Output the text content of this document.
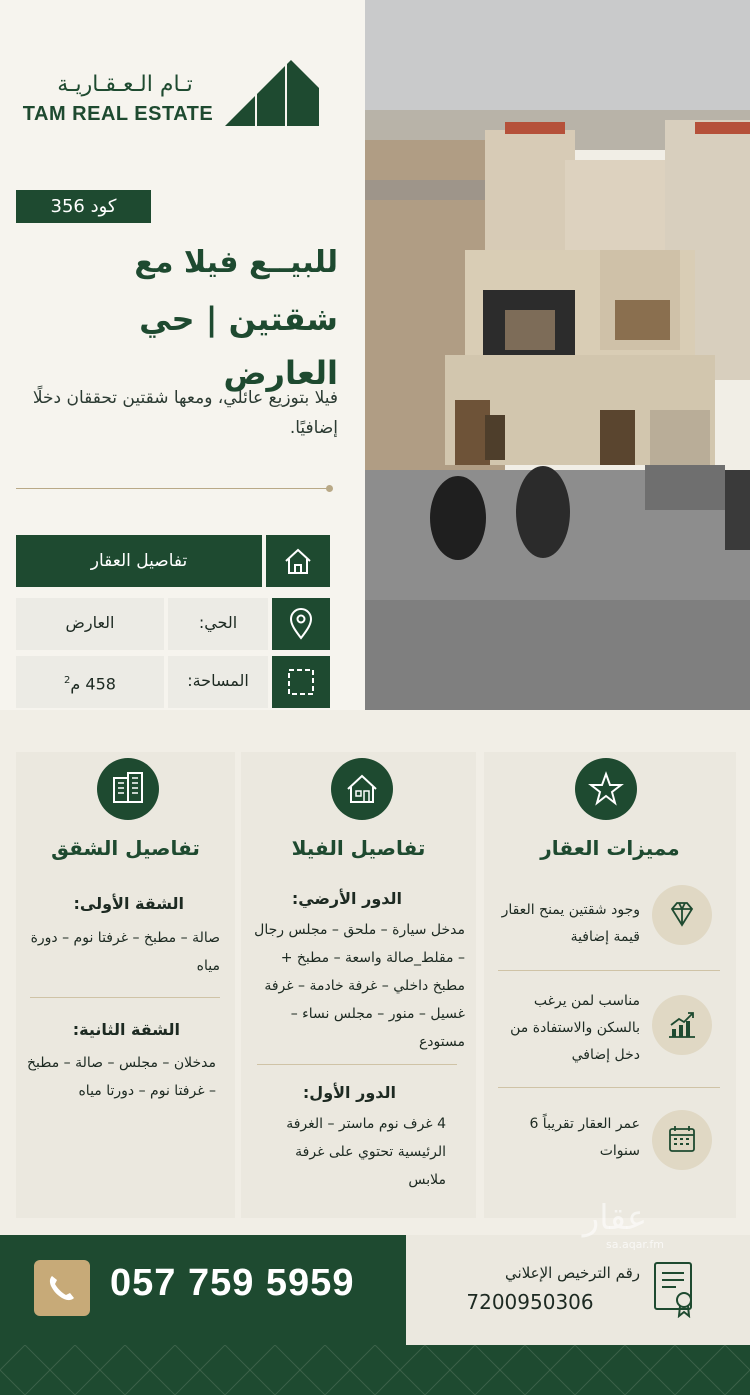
تـام الـعـقـاريـة
TAM REAL ESTATE
كود 356
للبيــع فيلا مع
شقتين | حي العارض
فيلا بتوزيع عائلي، ومعها شقتين تحققان دخلًا إضافيًا.
تفاصيل العقار
العارض	الحي:
458 م$^2$	المساحة:
تفاصيل الشقق
الشقة الأولى:
صالة – مطبخ – غرفتا نوم – دورة مياه
الشقة الثانية:
مدخلان – مجلس – صالة – مطبخ – غرفتا نوم – دورتا مياه
تفاصيل الفيلا
الدور الأرضي:
مدخل سيارة – ملحق – مجلس رجال – مقلط_صالة واسعة – مطبخ + مطبخ داخلي – غرفة خادمة – غرفة غسيل – منور – مجلس نساء – مستودع
الدور الأول:
4 غرف نوم ماستر – الغرفة الرئيسية تحتوي على غرفة ملابس
مميزات العقار
وجود شقتين يمنح العقار قيمة إضافية
مناسب لمن يرغب بالسكن والاستفادة من دخل إضافي
عمر العقار تقريباً 6 سنوات
057 759 5959	رقم الترخيص الإعلاني
7200950306
عقار
sa.aqar.fm
